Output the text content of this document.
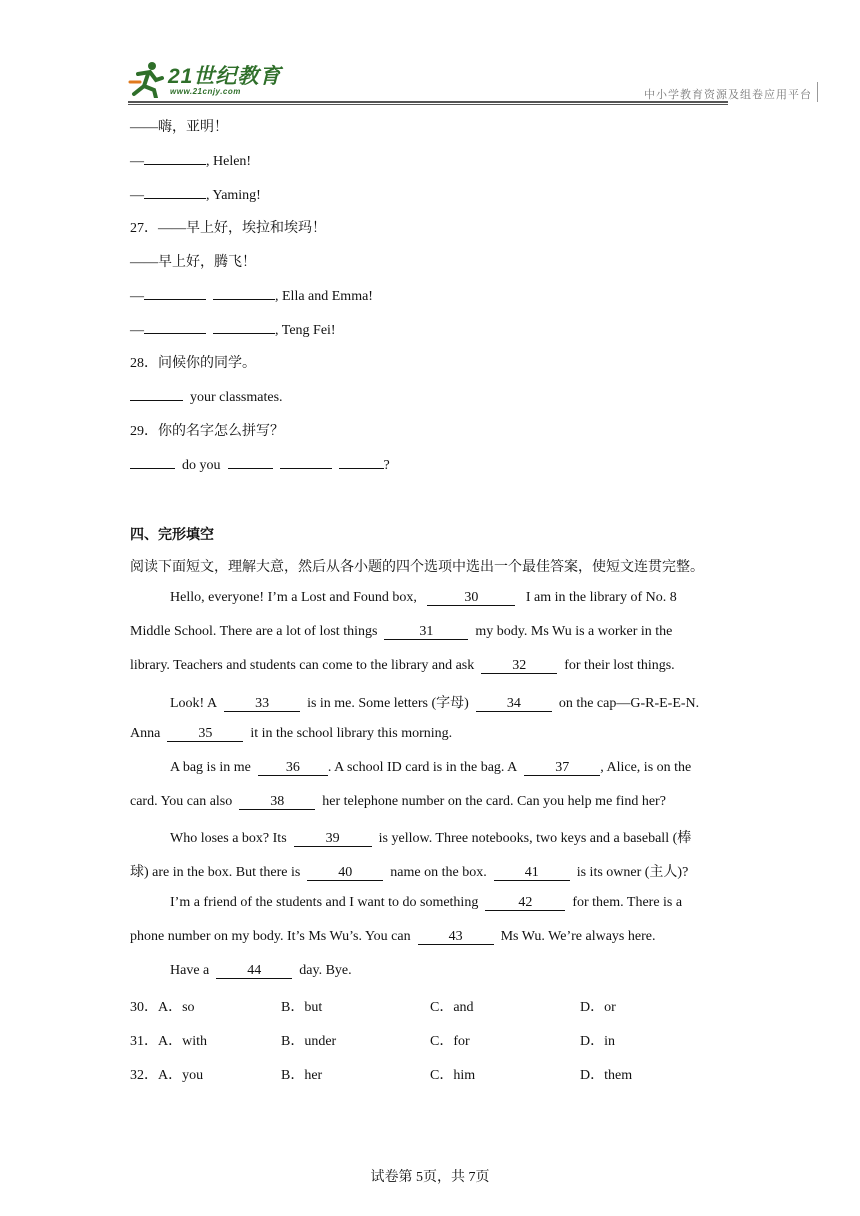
21世纪教育
www.21cnjy.com	中小学教育资源及组卷应用平台
——嗨，亚明！
—	, Helen!
—	, Yaming!
27．——早上好，埃拉和埃玛！
——早上好，腾飞！
—	, Ella and Emma!
—	, Teng Fei!
28．问候你的同学。
your classmates.
29．你的名字怎么拼写？
do you	?
四、完形填空
阅读下面短文，理解大意，然后从各小题的四个选项中选出一个最佳答案，使短文连贯完整。
Hello, everyone! I’m a Lost and Found box,	30	I am in the library of No. 8
Middle School. There are a lot of lost things	31	my body. Ms Wu is a worker in the
library. Teachers and students can come to the library and ask	32	for their lost things.
Look! A	33	is in me. Some letters (字母)	34	on the cap—G-R-E-E-N.
Anna	35	it in the school library this morning.
A bag is in me	36 . A school ID card is in the bag. A	37 , Alice, is on the
card. You can also	38	her telephone number on the card. Can you help me find her?
Who loses a box? Its	39	is yellow. Three notebooks, two keys and a baseball (棒
球) are in the box. But there is	40	name on the box.	41	is its owner (主人)?
I’m a friend of the students and I want to do something	42	for them. There is a
phone number on my body. It’s Ms Wu’s. You can	43	Ms Wu. We’re always here.
Have a	44	day. Bye.
30．A．so	B．but	C．and	D．or
31．A．with	B．under	C．for	D．in
32．A．you	B．her	C．him	D．them
试卷第 5页，共 7页
